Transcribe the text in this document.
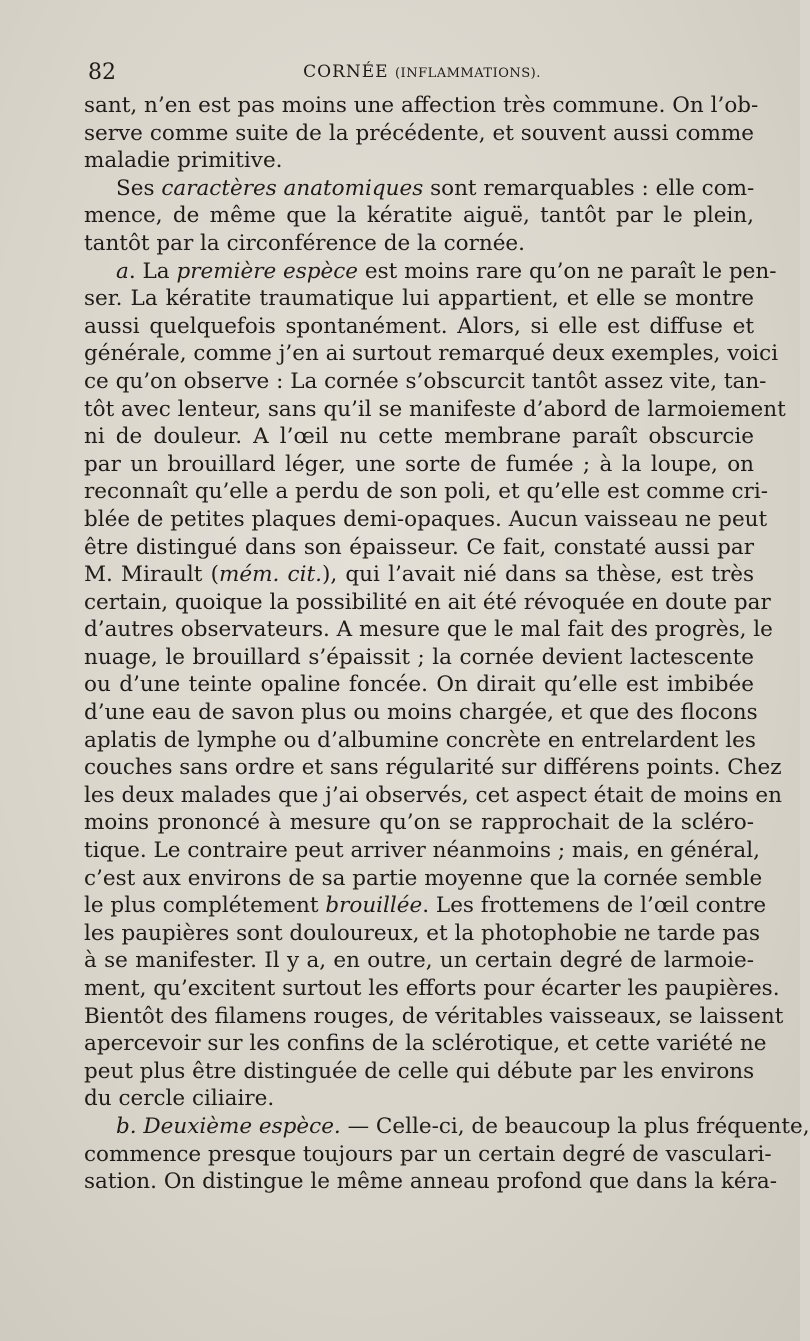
82	CORNÉE (INFLAMMATIONS).
sant, n’en est pas moins une affection très commune. On l’ob-
serve comme suite de la précédente, et souvent aussi comme
maladie primitive.
Ses caractères anatomiques sont remarquables : elle com-
mence, de même que la kératite aiguë, tantôt par le plein,
tantôt par la circonférence de la cornée.
a. La première espèce est moins rare qu’on ne paraît le pen-
ser. La kératite traumatique lui appartient, et elle se montre
aussi quelquefois spontanément. Alors, si elle est diffuse et
générale, comme j’en ai surtout remarqué deux exemples, voici
ce qu’on observe : La cornée s’obscurcit tantôt assez vite, tan-
tôt avec lenteur, sans qu’il se manifeste d’abord de larmoiement
ni de douleur. A l’œil nu cette membrane paraît obscurcie
par un brouillard léger, une sorte de fumée ; à la loupe, on
reconnaît qu’elle a perdu de son poli, et qu’elle est comme cri-
blée de petites plaques demi-opaques. Aucun vaisseau ne peut
être distingué dans son épaisseur. Ce fait, constaté aussi par
M. Mirault (mém. cit.), qui l’avait nié dans sa thèse, est très
certain, quoique la possibilité en ait été révoquée en doute par
d’autres observateurs. A mesure que le mal fait des progrès, le
nuage, le brouillard s’épaissit ; la cornée devient lactescente
ou d’une teinte opaline foncée. On dirait qu’elle est imbibée
d’une eau de savon plus ou moins chargée, et que des flocons
aplatis de lymphe ou d’albumine concrète en entrelardent les
couches sans ordre et sans régularité sur différens points. Chez
les deux malades que j’ai observés, cet aspect était de moins en
moins prononcé à mesure qu’on se rapprochait de la scléro-
tique. Le contraire peut arriver néanmoins ; mais, en général,
c’est aux environs de sa partie moyenne que la cornée semble
le plus complétement brouillée. Les frottemens de l’œil contre
les paupières sont douloureux, et la photophobie ne tarde pas
à se manifester. Il y a, en outre, un certain degré de larmoie-
ment, qu’excitent surtout les efforts pour écarter les paupières.
Bientôt des filamens rouges, de véritables vaisseaux, se laissent
apercevoir sur les confins de la sclérotique, et cette variété ne
peut plus être distinguée de celle qui débute par les environs
du cercle ciliaire.
b. Deuxième espèce. — Celle-ci, de beaucoup la plus fréquente,
commence presque toujours par un certain degré de vasculari-
sation. On distingue le même anneau profond que dans la kéra-
